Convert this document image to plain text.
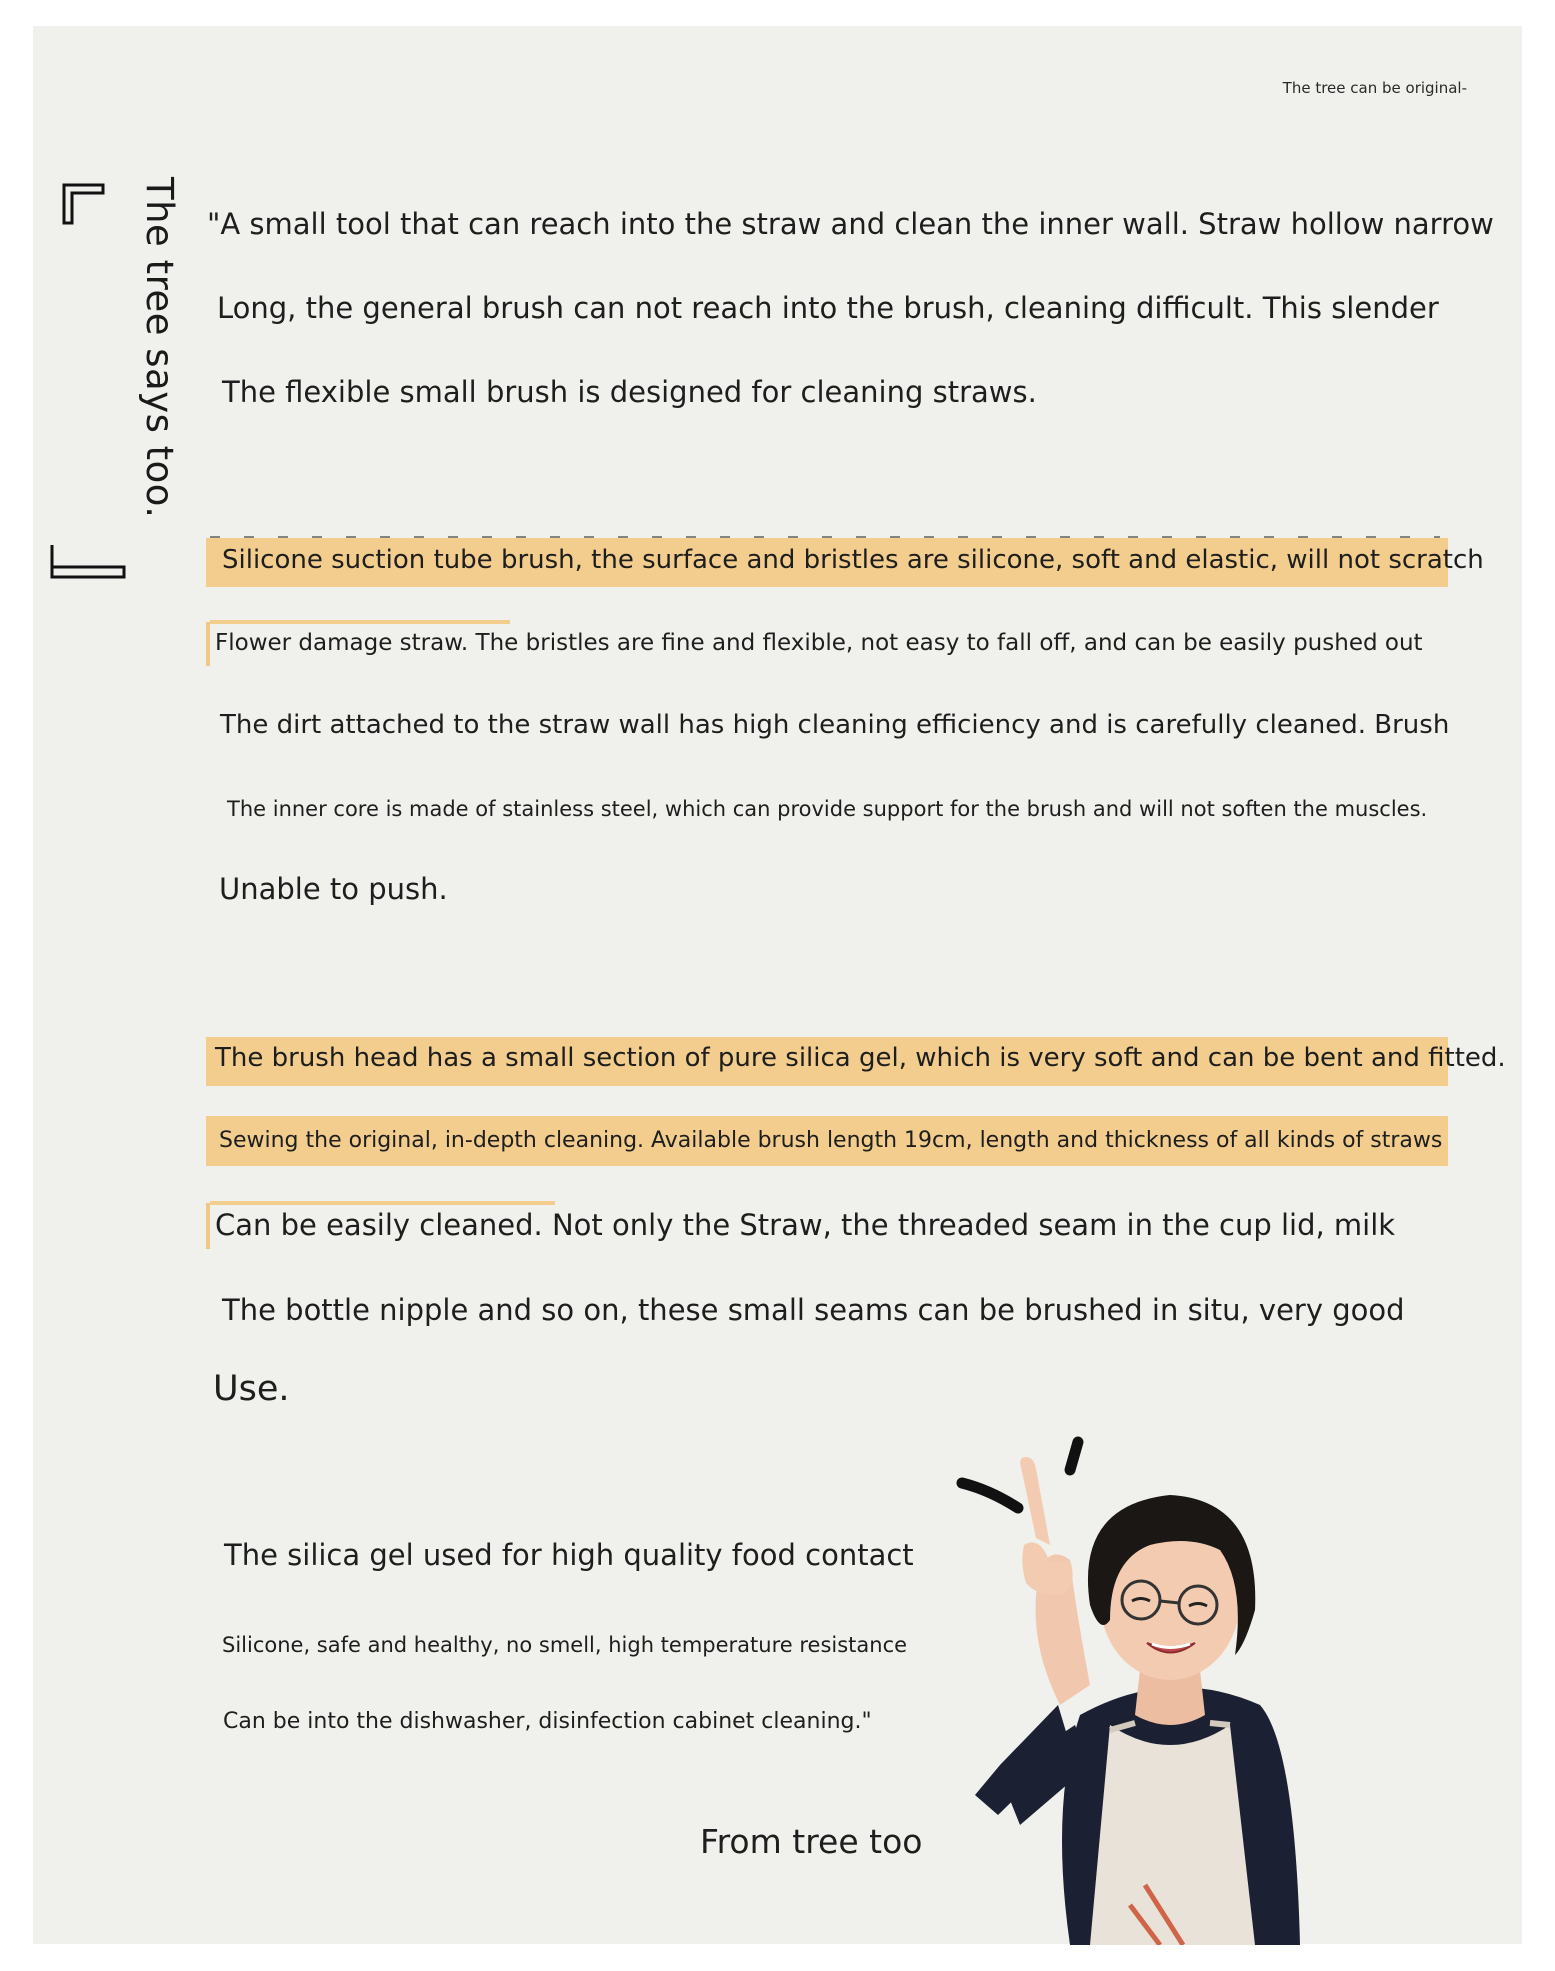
The tree can be original-
The tree says too. "A small tool that can reach into the straw and clean the inner wall. Straw hollow narrow
Long, the general brush can not reach into the brush, cleaning difficult. This slender
The flexible small brush is designed for cleaning straws.
Silicone suction tube brush, the surface and bristles are silicone, soft and elastic, will not scratch
Flower damage straw. The bristles are fine and flexible, not easy to fall off, and can be easily pushed out
The dirt attached to the straw wall has high cleaning efficiency and is carefully cleaned. Brush
The inner core is made of stainless steel, which can provide support for the brush and will not soften the muscles.
Unable to push.
The brush head has a small section of pure silica gel, which is very soft and can be bent and fitted.
Sewing the original, in-depth cleaning. Available brush length 19cm, length and thickness of all kinds of straws
Can be easily cleaned. Not only the Straw, the threaded seam in the cup lid, milk
The bottle nipple and so on, these small seams can be brushed in situ, very good
Use.
The silica gel used for high quality food contact
Silicone, safe and healthy, no smell, high temperature resistance
Can be into the dishwasher, disinfection cabinet cleaning."
From tree too
